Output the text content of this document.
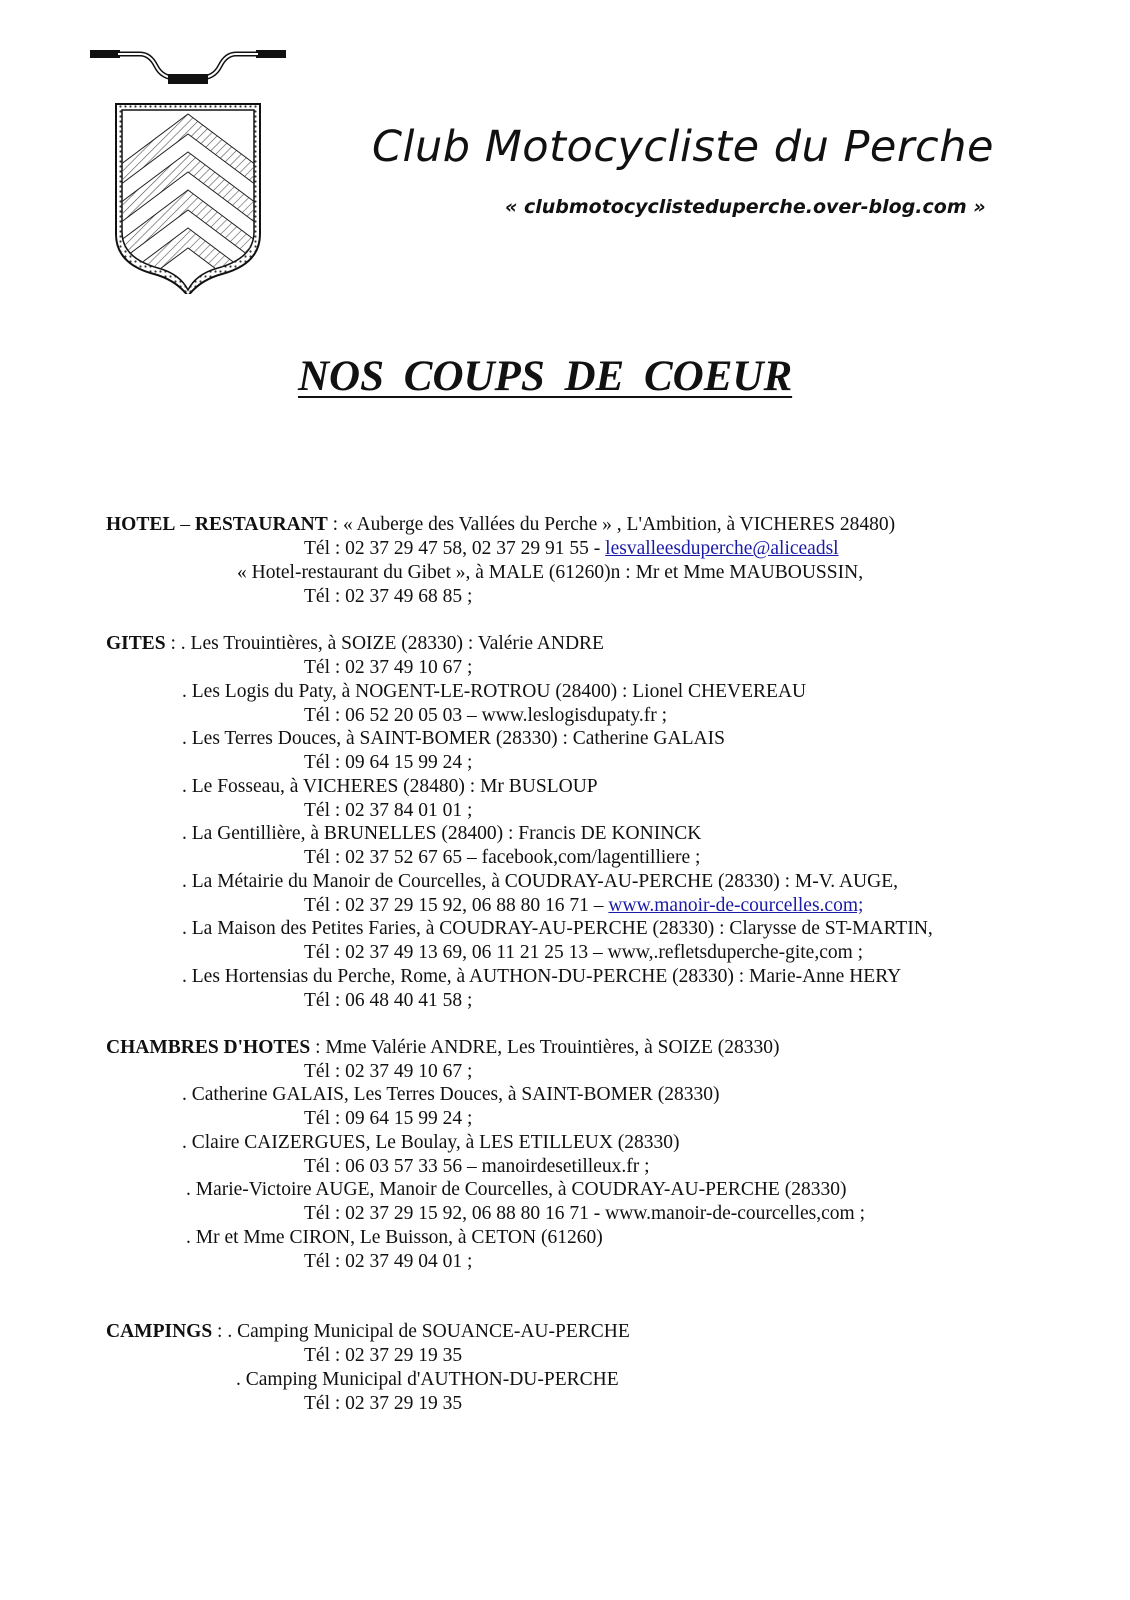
Club Motocycliste du Perche
« clubmotocyclisteduperche.over-blog.com »
NOS COUPS DE COEUR
HOTEL – RESTAURANT : « Auberge des Vallées du Perche » , L'Ambition, à VICHERES 28480)
Tél : 02 37 29 47 58, 02 37 29 91 55 - lesvalleesduperche@aliceadsl
« Hotel-restaurant du Gibet », à MALE (61260)n : Mr et Mme MAUBOUSSIN,
Tél : 02 37 49 68 85 ;
GITES : . Les Trouintières, à SOIZE (28330) : Valérie ANDRE
Tél : 02 37 49 10 67 ;
. Les Logis du Paty, à NOGENT-LE-ROTROU (28400) : Lionel CHEVEREAU
Tél : 06 52 20 05 03 – www.leslogisdupaty.fr ;
. Les Terres Douces, à SAINT-BOMER (28330) : Catherine GALAIS
Tél : 09 64 15 99 24 ;
. Le Fosseau, à VICHERES (28480) : Mr BUSLOUP
Tél : 02 37 84 01 01 ;
. La Gentillière, à BRUNELLES (28400) : Francis DE KONINCK
Tél : 02 37 52 67 65 – facebook,com/lagentilliere ;
. La Métairie du Manoir de Courcelles, à COUDRAY-AU-PERCHE (28330) : M-V. AUGE,
Tél : 02 37 29 15 92, 06 88 80 16 71 – www.manoir-de-courcelles.com;
. La Maison des Petites Faries, à COUDRAY-AU-PERCHE (28330) : Clarysse de ST-MARTIN,
Tél : 02 37 49 13 69, 06 11 21 25 13 – www,.refletsduperche-gite,com ;
. Les Hortensias du Perche, Rome, à AUTHON-DU-PERCHE (28330) : Marie-Anne HERY
Tél : 06 48 40 41 58 ;
CHAMBRES D'HOTES : Mme Valérie ANDRE, Les Trouintières, à SOIZE (28330)
Tél : 02 37 49 10 67 ;
. Catherine GALAIS, Les Terres Douces, à SAINT-BOMER (28330)
Tél : 09 64 15 99 24 ;
. Claire CAIZERGUES, Le Boulay, à LES ETILLEUX (28330)
Tél : 06 03 57 33 56 – manoirdesetilleux.fr ;
. Marie-Victoire AUGE, Manoir de Courcelles, à COUDRAY-AU-PERCHE (28330)
Tél : 02 37 29 15 92, 06 88 80 16 71 - www.manoir-de-courcelles,com ;
. Mr et Mme CIRON, Le Buisson, à CETON (61260)
Tél : 02 37 49 04 01 ;
CAMPINGS : . Camping Municipal de SOUANCE-AU-PERCHE
Tél : 02 37 29 19 35
. Camping Municipal d'AUTHON-DU-PERCHE
Tél : 02 37 29 19 35
